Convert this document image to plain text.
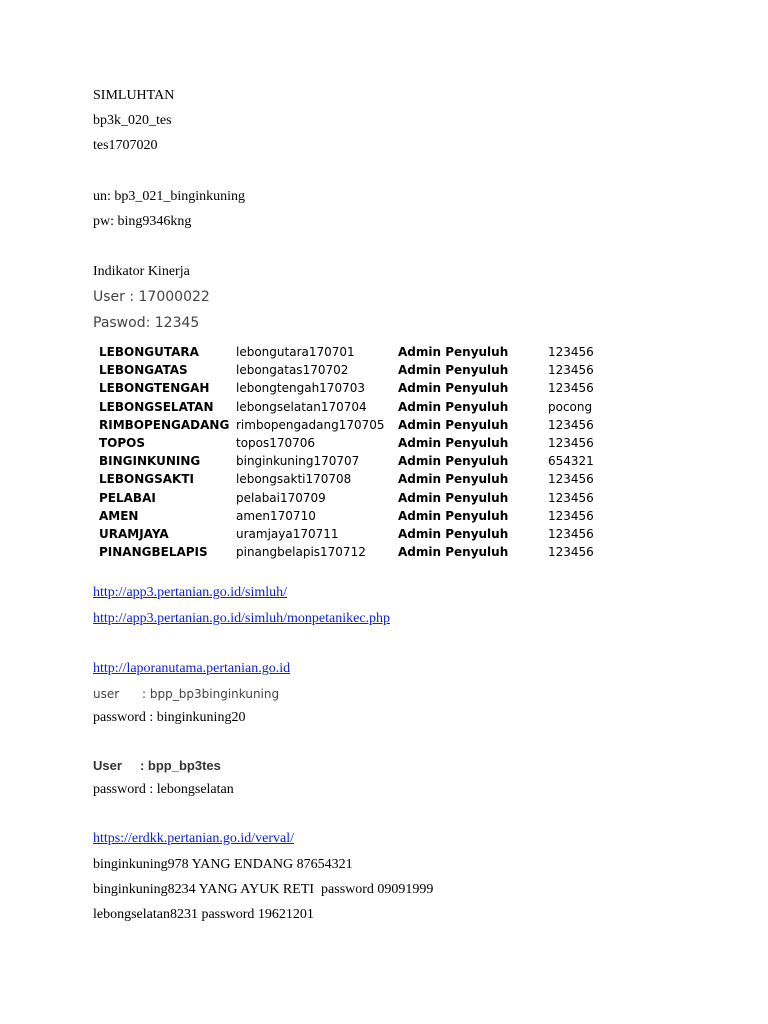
SIMLUHTAN
bp3k_020_tes
tes1707020
un: bp3_021_binginkuning
pw: bing9346kng
Indikator Kinerja
User : 17000022
Paswod: 12345
LEBONGUTARA	lebongutara170701	Admin Penyuluh	123456
LEBONGATAS	lebongatas170702	Admin Penyuluh	123456
LEBONGTENGAH	lebongtengah170703	Admin Penyuluh	123456
LEBONGSELATAN	lebongselatan170704	Admin Penyuluh	pocong
RIMBOPENGADANG	rimbopengadang170705	Admin Penyuluh	123456
TOPOS	topos170706	Admin Penyuluh	123456
BINGINKUNING	binginkuning170707	Admin Penyuluh	654321
LEBONGSAKTI	lebongsakti170708	Admin Penyuluh	123456
PELABAI	pelabai170709	Admin Penyuluh	123456
AMEN	amen170710	Admin Penyuluh	123456
URAMJAYA	uramjaya170711	Admin Penyuluh	123456
PINANGBELAPIS	pinangbelapis170712	Admin Penyuluh	123456
http://app3.pertanian.go.id/simluh/
http://app3.pertanian.go.id/simluh/monpetanikec.php
http://laporanutama.pertanian.go.id
user      : bpp_bp3binginkuning
password : binginkuning20
User     : bpp_bp3tes
password : lebongselatan
https://erdkk.pertanian.go.id/verval/
binginkuning978 YANG ENDANG 87654321
binginkuning8234 YANG AYUK RETI  password 09091999
lebongselatan8231 password 19621201
